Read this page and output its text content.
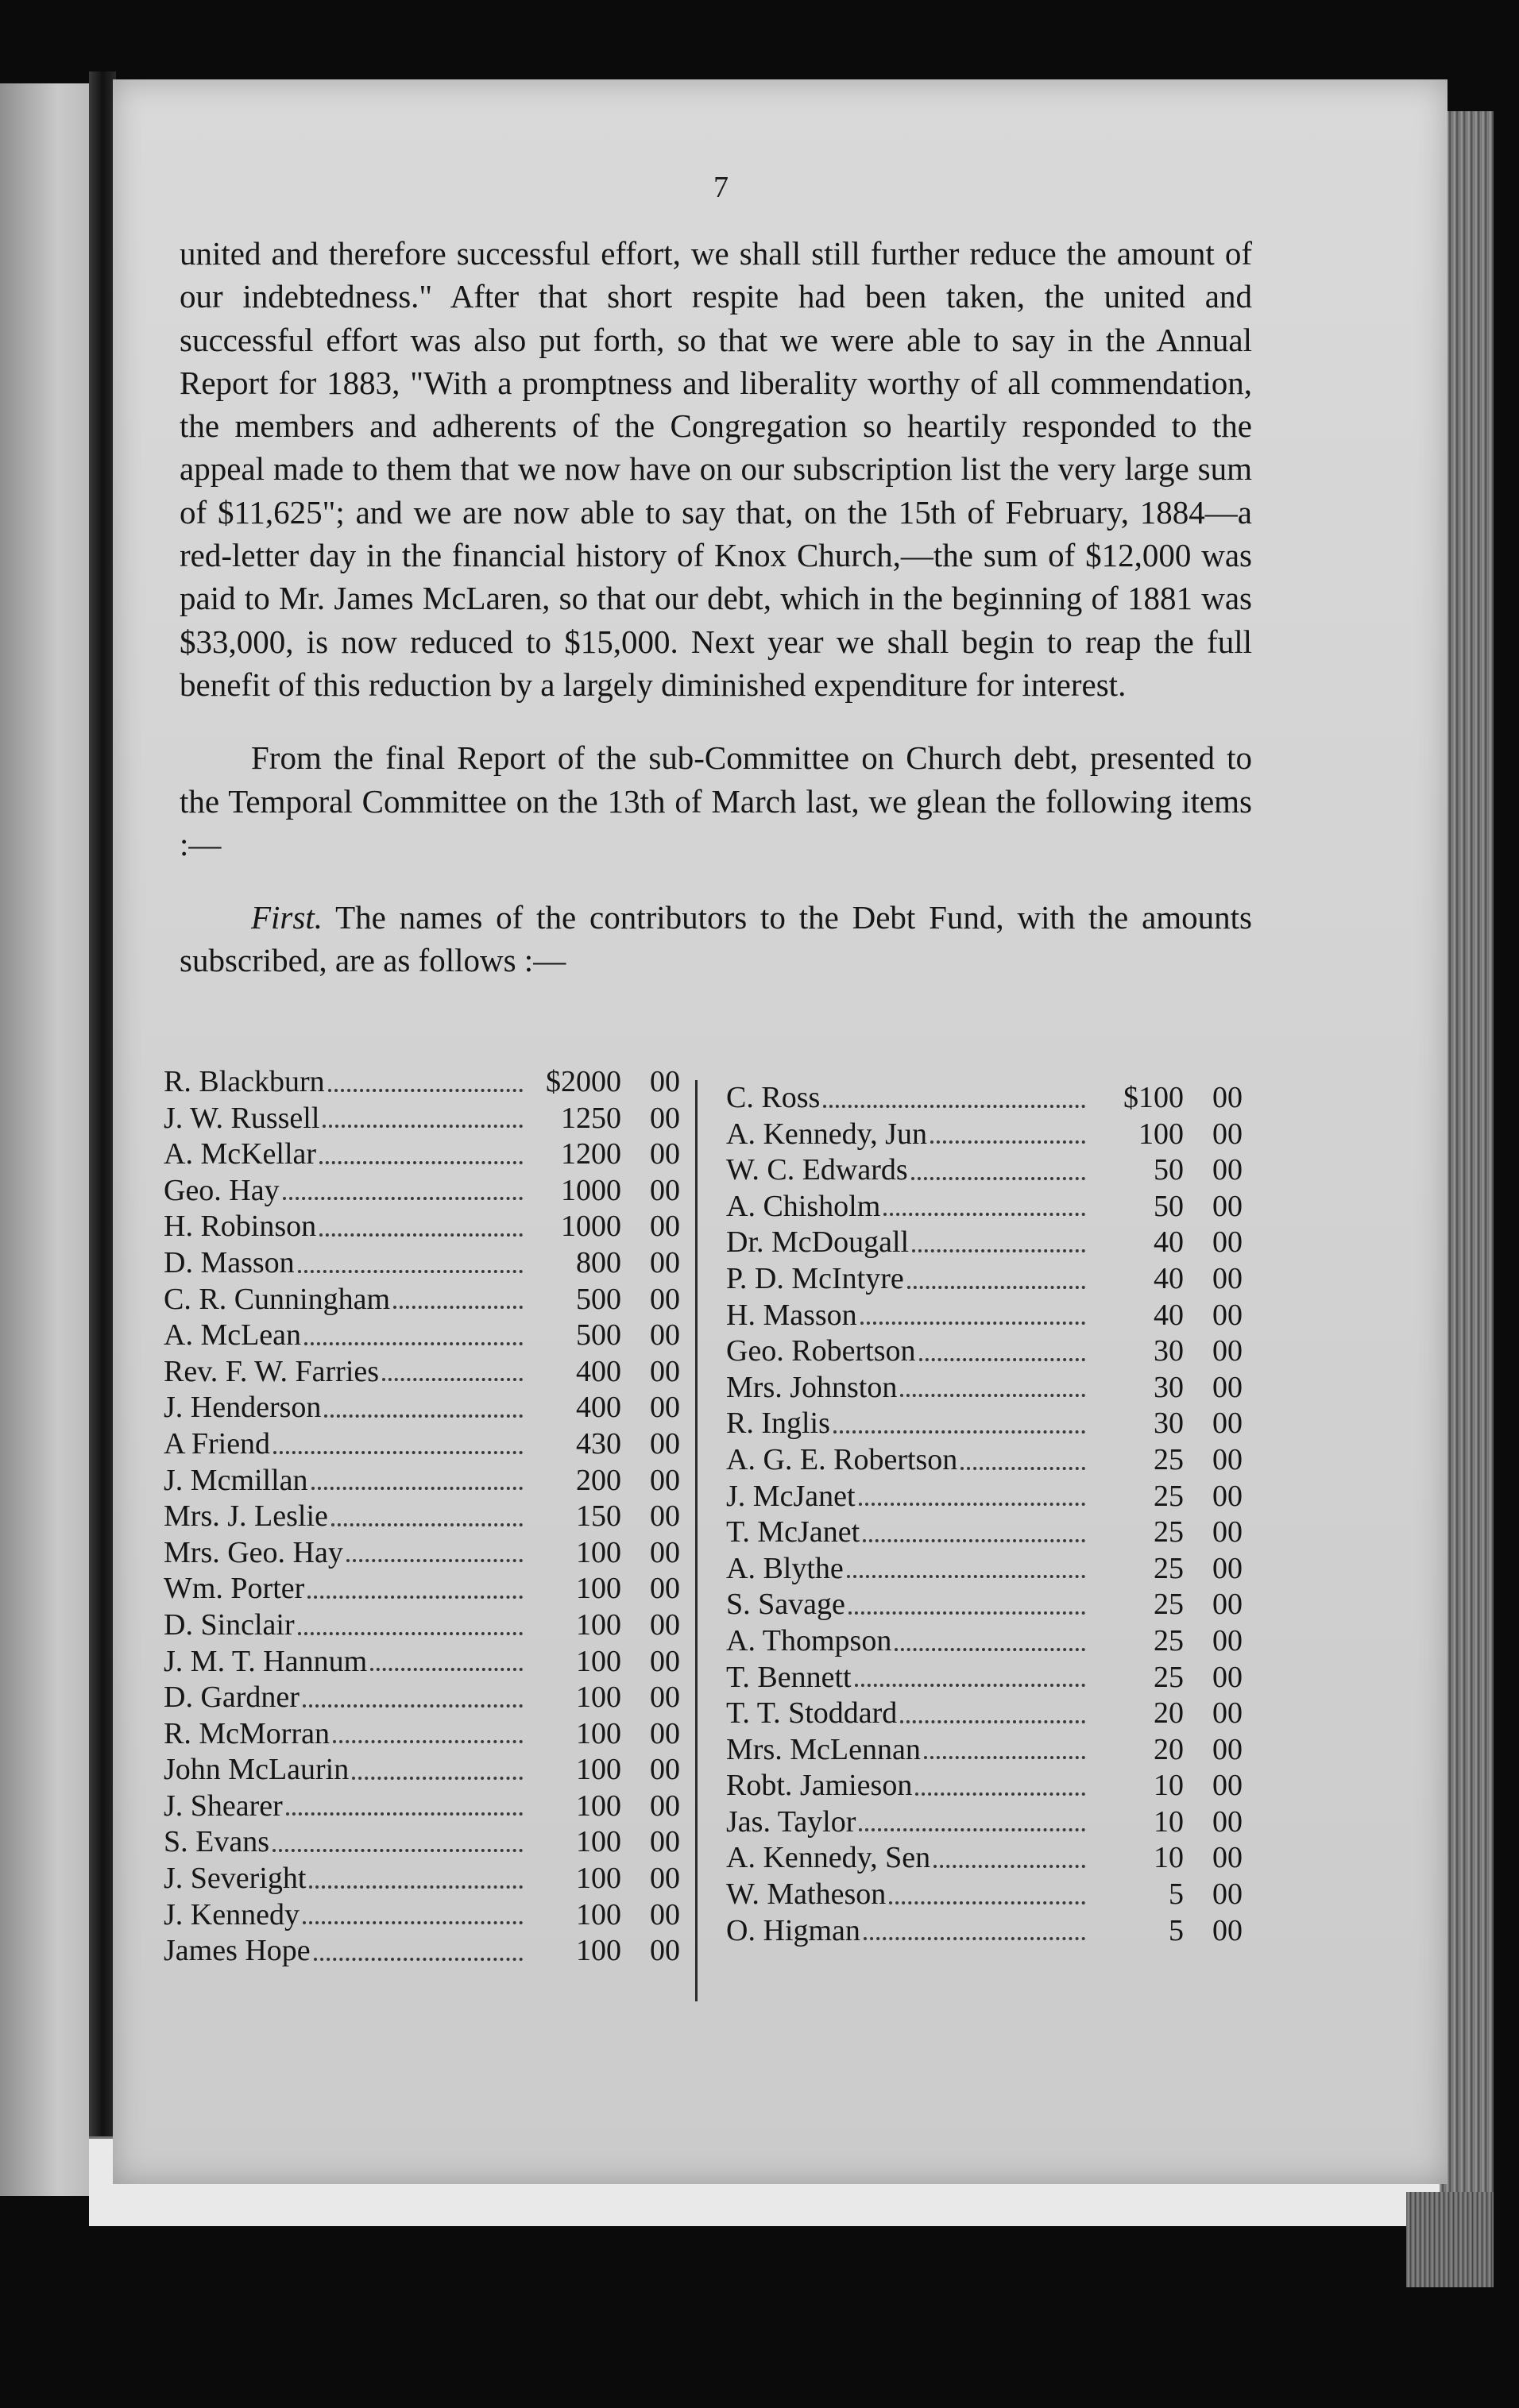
7

united and therefore successful effort, we shall still further reduce the amount of our indebtedness." After that short respite had been taken, the united and successful effort was also put forth, so that we were able to say in the Annual Report for 1883, "With a promptness and liberality worthy of all commendation, the members and adherents of the Congregation so heartily responded to the appeal made to them that we now have on our subscription list the very large sum of $11,625"; and we are now able to say that, on the 15th of February, 1884—a red-letter day in the financial history of Knox Church,—the sum of $12,000 was paid to Mr. James McLaren, so that our debt, which in the beginning of 1881 was $33,000, is now reduced to $15,000. Next year we shall begin to reap the full benefit of this reduction by a largely diminished expenditure for interest.

From the final Report of the sub-Committee on Church debt, presented to the Temporal Committee on the 13th of March last, we glean the following items :—

First. The names of the contributors to the Debt Fund, with the amounts subscribed, are as follows :—

R. Blackburn	$2000 00
J. W. Russell	1250 00
A. McKellar	1200 00
Geo. Hay	1000 00
H. Robinson	1000 00
D. Masson	800 00
C. R. Cunningham	500 00
A. McLean	500 00
Rev. F. W. Farries	400 00
J. Henderson	400 00
A Friend	430 00
J. Mcmillan	200 00
Mrs. J. Leslie	150 00
Mrs. Geo. Hay	100 00
Wm. Porter	100 00
D. Sinclair	100 00
J. M. T. Hannum	100 00
D. Gardner	100 00
R. McMorran	100 00
John McLaurin	100 00
J. Shearer	100 00
S. Evans	100 00
J. Severight	100 00
J. Kennedy	100 00
James Hope	100 00
C. Ross	$100 00
A. Kennedy, Jun	100 00
W. C. Edwards	50 00
A. Chisholm	50 00
Dr. McDougall	40 00
P. D. McIntyre	40 00
H. Masson	40 00
Geo. Robertson	30 00
Mrs. Johnston	30 00
R. Inglis	30 00
A. G. E. Robertson	25 00
J. McJanet	25 00
T. McJanet	25 00
A. Blythe	25 00
S. Savage	25 00
A. Thompson	25 00
T. Bennett	25 00
T. T. Stoddard	20 00
Mrs. McLennan	20 00
Robt. Jamieson	10 00
Jas. Taylor	10 00
A. Kennedy, Sen	10 00
W. Matheson	5 00
O. Higman	5 00
